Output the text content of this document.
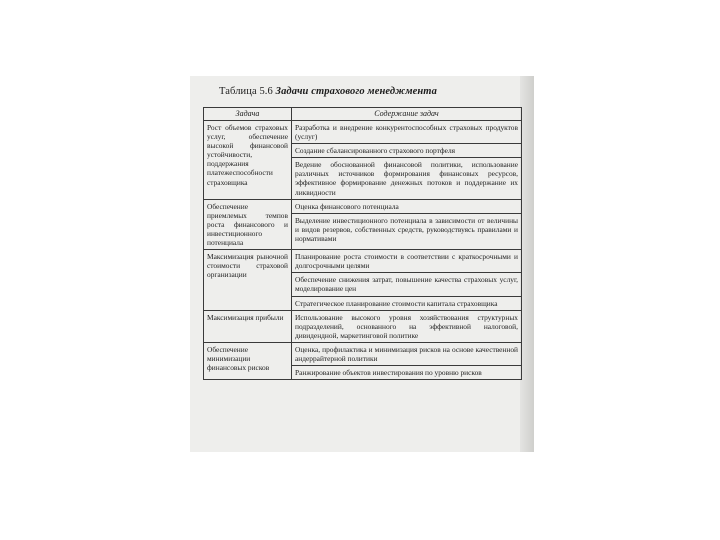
Таблица 5.6 Задачи страхового менеджмента
Задача	Содержание задач
Рост объемов страховых услуг, обеспечение высокой финансовой устойчивости, поддержания платежеспособности страховщика	Разработка и внедрение конкурентоспособных страховых продуктов (услуг)
Создание сбалансированного страхового портфеля
Ведение обоснованной финансовой политики, использование различных источников формирования финансовых ресурсов, эффективное формирование денежных потоков и поддержание их ликвидности

Обеспечение приемлемых темпов роста финансового и инвестиционного потенциала	Оценка финансового потенциала
Выделение инвестиционного потенциала в зависимости от величины и видов резервов, собственных средств, руководствуясь правилами и нормативами

Максимизация рыночной стоимости страховой организации	Планирование роста стоимости в соответствии с краткосрочными и долгосрочными целями
Обеспечение снижения затрат, повышение качества страховых услуг, моделирование цен
Стратегическое планирование стоимости капитала страховщика

Максимизация прибыли	Использование высокого уровня хозяйствования структурных подразделений, основанного на эффективной налоговой, дивидендной, маркетинговой политике

Обеспечение минимизации финансовых рисков	Оценка, профилактика и минимизация рисков на основе качественной андеррайтерной политики
Ранжирование объектов инвестирования по уровню рисков
